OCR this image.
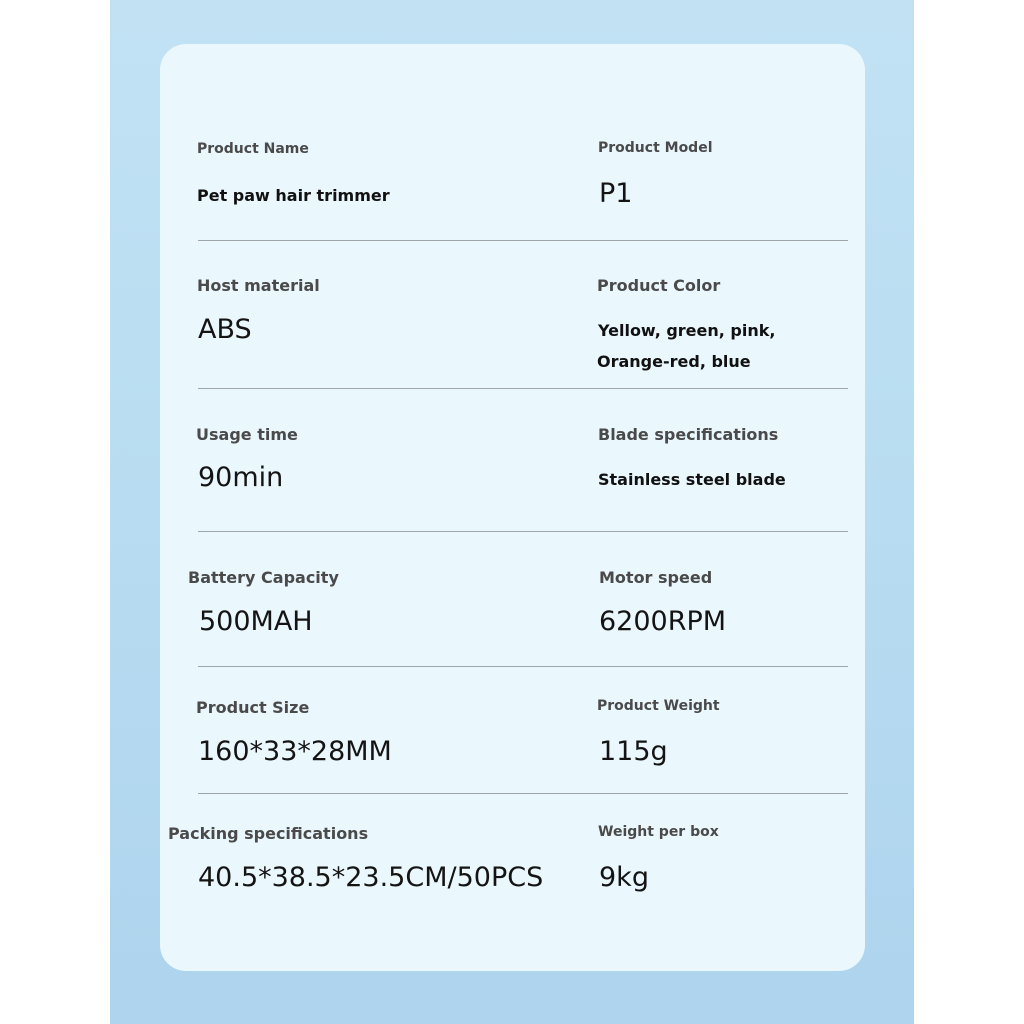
Product Name
Pet paw hair trimmer
Product Model
P1
Host material
ABS
Product Color
Yellow, green, pink,
Orange-red, blue
Usage time
90min
Blade specifications
Stainless steel blade
Battery Capacity
500MAH
Motor speed
6200RPM
Product Size
160*33*28MM
Product Weight
115g
Packing specifications
40.5*38.5*23.5CM/50PCS
Weight per box
9kg
